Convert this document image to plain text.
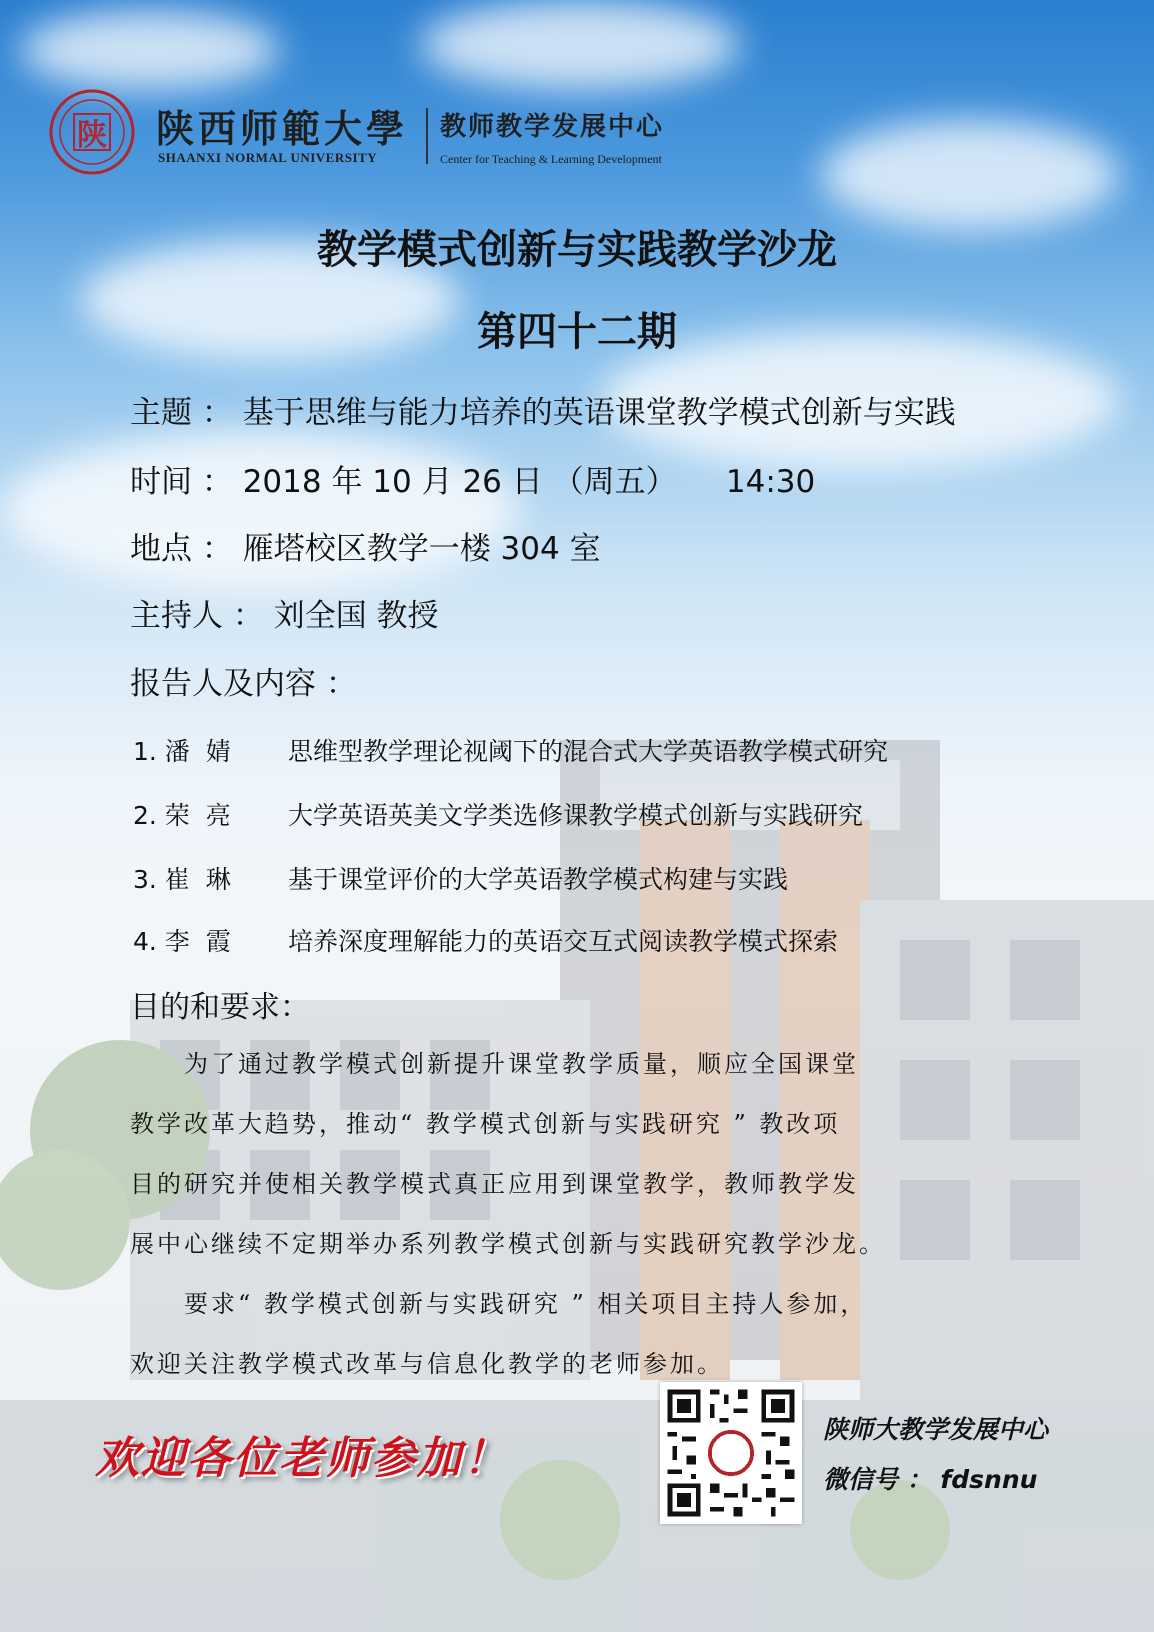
陕 陕西师範大學
SHAANXI NORMAL UNIVERSITY
教师教学发展中心
Center for Teaching & Learning Development
教学模式创新与实践教学沙龙
第四十二期
主题 ： 基于思维与能力培养的英语课堂教学模式创新与实践
时间 ： 2018 年 10 月 26 日 （周五）     14:30
地点 ： 雁塔校区教学一楼 304 室
主持人 ： 刘全国 教授
报告人及内容 ：
1. 潘  婧 思维型教学理论视阈下的混合式大学英语教学模式研究
2. 荣  亮 大学英语英美文学类选修课教学模式创新与实践研究
3. 崔  琳 基于课堂评价的大学英语教学模式构建与实践
4. 李  霞 培养深度理解能力的英语交互式阅读教学模式探索
目的和要求：
　　为了通过教学模式创新提升课堂教学质量，顺应全国课堂
教学改革大趋势，推动“ 教学模式创新与实践研究 ” 教改项
目的研究并使相关教学模式真正应用到课堂教学，教师教学发
展中心继续不定期举办系列教学模式创新与实践研究教学沙龙。
　　要求“ 教学模式创新与实践研究 ” 相关项目主持人参加，
欢迎关注教学模式改革与信息化教学的老师参加。
欢迎各位老师参加！
陕师大教学发展中心
微信号 ： fdsnnu
